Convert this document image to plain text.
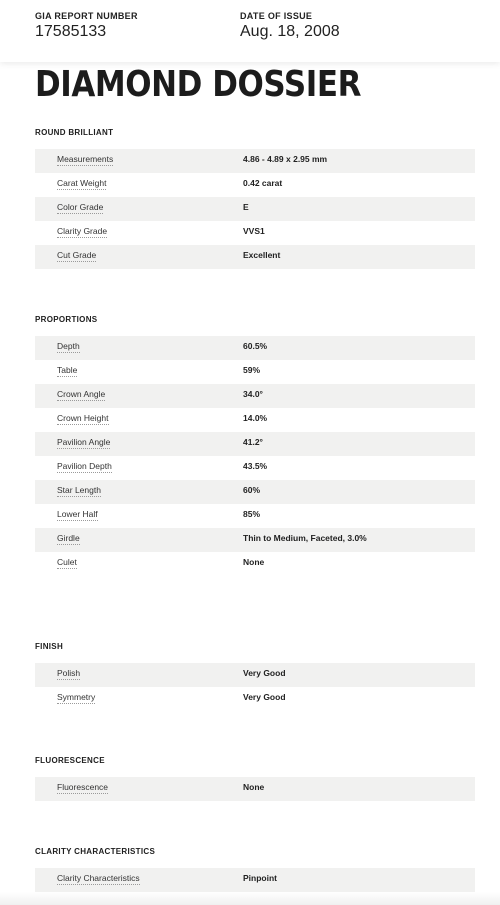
GIA REPORT NUMBER
17585133
DATE OF ISSUE
Aug. 18, 2008
DIAMOND DOSSIER
ROUND BRILLIANT
Measurements	4.86 - 4.89 x 2.95 mm
Carat Weight	0.42 carat
Color Grade	E
Clarity Grade	VVS1
Cut Grade	Excellent
PROPORTIONS
Depth	60.5%
Table	59%
Crown Angle	34.0°
Crown Height	14.0%
Pavilion Angle	41.2°
Pavilion Depth	43.5%
Star Length	60%
Lower Half	85%
Girdle	Thin to Medium, Faceted, 3.0%
Culet	None
FINISH
Polish	Very Good
Symmetry	Very Good
FLUORESCENCE
Fluorescence	None
CLARITY CHARACTERISTICS
Clarity Characteristics	Pinpoint
